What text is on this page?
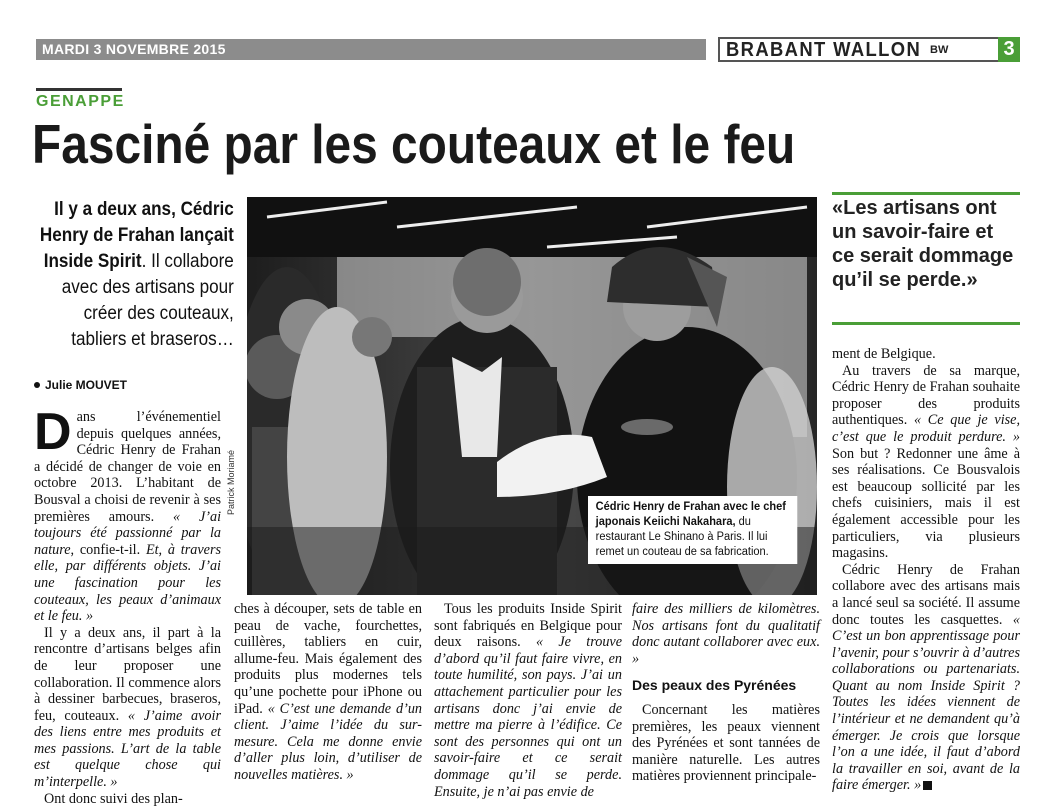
MARDI 3 NOVEMBRE 2015	BRABANT WALLON BW	3
GENAPPE
Fasciné par les couteaux et le feu
Il y a deux ans, Cédric Henry de Frahan lançait Inside Spirit. Il collabore avec des artisans pour créer des couteaux, tabliers et braseros…
Julie MOUVET
D ans l’événementiel depuis quelques années, Cédric Henry de Frahan a décidé de changer de voie en octobre 2013. L’habitant de Bousval a choisi de revenir à ses premières amours. « J’ai toujours été passionné par la nature, confie-t-il. Et, à travers elle, par différents objets. J’ai une fascination pour les couteaux, les peaux d’animaux et le feu. »
Il y a deux ans, il part à la rencontre d’artisans belges afin de leur proposer une collaboration. Il commence alors à dessiner barbecues, braseros, feu, couteaux. « J’aime avoir des liens entre mes produits et mes passions. L’art de la table est quelque chose qui m’interpelle. »
Ont donc suivi des plan-
Patrick Moriamé	Cédric Henry de Frahan avec le chef japonais Keiichi Nakahara, du restaurant Le Shinano à Paris. Il lui remet un couteau de sa fabrication.
«Les artisans ont un savoir-faire et ce serait dommage qu’il se perde.»
ches à découper, sets de table en peau de vache, fourchettes, cuillères, tabliers en cuir, allume-feu. Mais également des produits plus modernes tels qu’une pochette pour iPhone ou iPad. « C’est une demande d’un client. J’aime l’idée du sur-mesure. Cela me donne envie d’aller plus loin, d’utiliser de nouvelles matières. »
Tous les produits Inside Spirit sont fabriqués en Belgique pour deux raisons. « Je trouve d’abord qu’il faut faire vivre, en toute humilité, son pays. J’ai un attachement particulier pour les artisans donc j’ai envie de mettre ma pierre à l’édifice. Ce sont des personnes qui ont un savoir-faire et ce serait dommage qu’il se perde. Ensuite, je n’ai pas envie de
faire des milliers de kilomètres. Nos artisans font du qualitatif donc autant collaborer avec eux. »
Des peaux des Pyrénées
Concernant les matières premières, les peaux viennent des Pyrénées et sont tannées de manière naturelle. Les autres matières proviennent principale-
ment de Belgique.
Au travers de sa marque, Cédric Henry de Frahan souhaite proposer des produits authentiques. « Ce que je vise, c’est que le produit perdure. » Son but ? Redonner une âme à ses réalisations. Ce Bousvalois est beaucoup sollicité par les chefs cuisiniers, mais il est également accessible pour les particuliers, via plusieurs magasins.
Cédric Henry de Frahan collabore avec des artisans mais a lancé seul sa société. Il assume donc toutes les casquettes. « C’est un bon apprentissage pour l’avenir, pour s’ouvrir à d’autres collaborations ou partenariats. Quant au nom Inside Spirit ? Toutes les idées viennent de l’intérieur et ne demandent qu’à émerger. Je crois que lorsque l’on a une idée, il faut d’abord la travailler en soi, avant de la faire émerger. »
